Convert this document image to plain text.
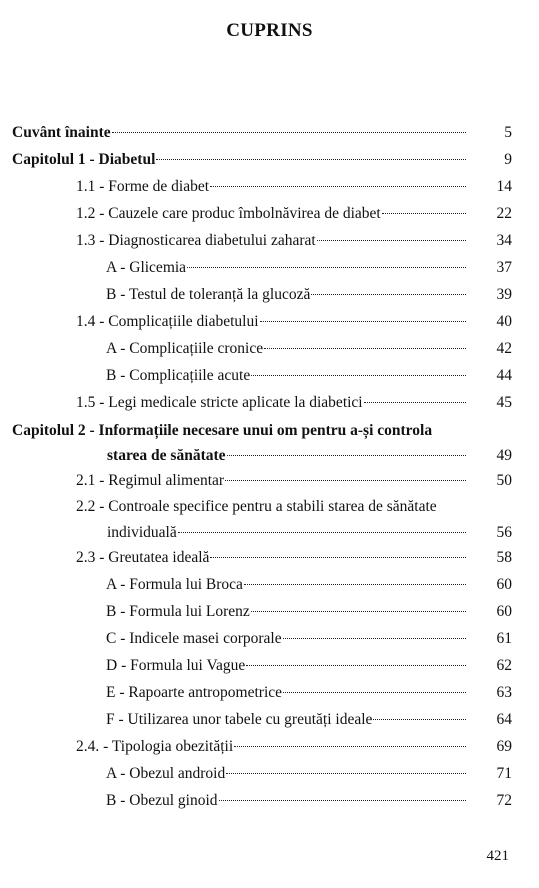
CUPRINS
Cuvânt înainte	5
Capitolul 1 - Diabetul	9
1.1 - Forme de diabet	14
1.2 - Cauzele care produc îmbolnăvirea de diabet	22
1.3 - Diagnosticarea diabetului zaharat	34
A - Glicemia	37
B - Testul de toleranță la glucoză	39
1.4 - Complicațiile diabetului	40
A - Complicațiile cronice	42
B - Complicațiile acute	44
1.5 - Legi medicale stricte aplicate la diabetici	45
Capitolul 2 - Informațiile necesare unui om pentru a-și controla
starea de sănătate	49
2.1 - Regimul alimentar	50
2.2 - Controale specifice pentru a stabili starea de sănătate
individuală	56
2.3 - Greutatea ideală	58
A - Formula lui Broca	60
B - Formula lui Lorenz	60
C - Indicele masei corporale	61
D - Formula lui Vague	62
E - Rapoarte antropometrice	63
F - Utilizarea unor tabele cu greutăți ideale	64
2.4. - Tipologia obezității	69
A - Obezul android	71
B - Obezul ginoid	72
421
